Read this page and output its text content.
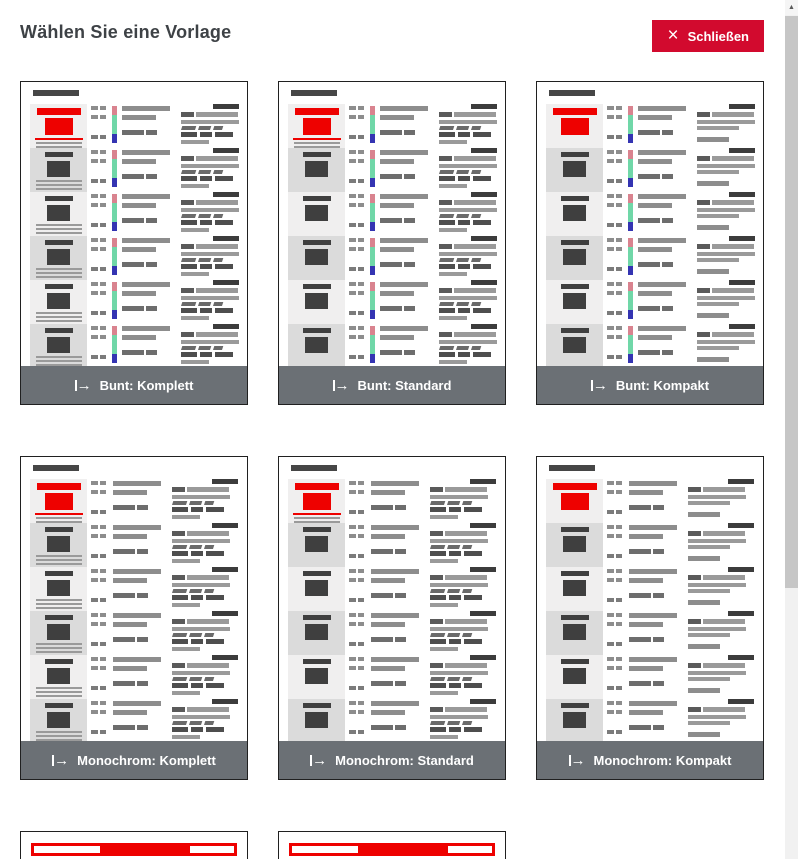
Wählen Sie eine Vorlage	× Schließen
→ Bunt: Komplett	→ Bunt: Standard	→ Bunt: Kompakt
→ Monochrom: Komplett	→ Monochrom: Standard	→ Monochrom: Kompakt
▲
